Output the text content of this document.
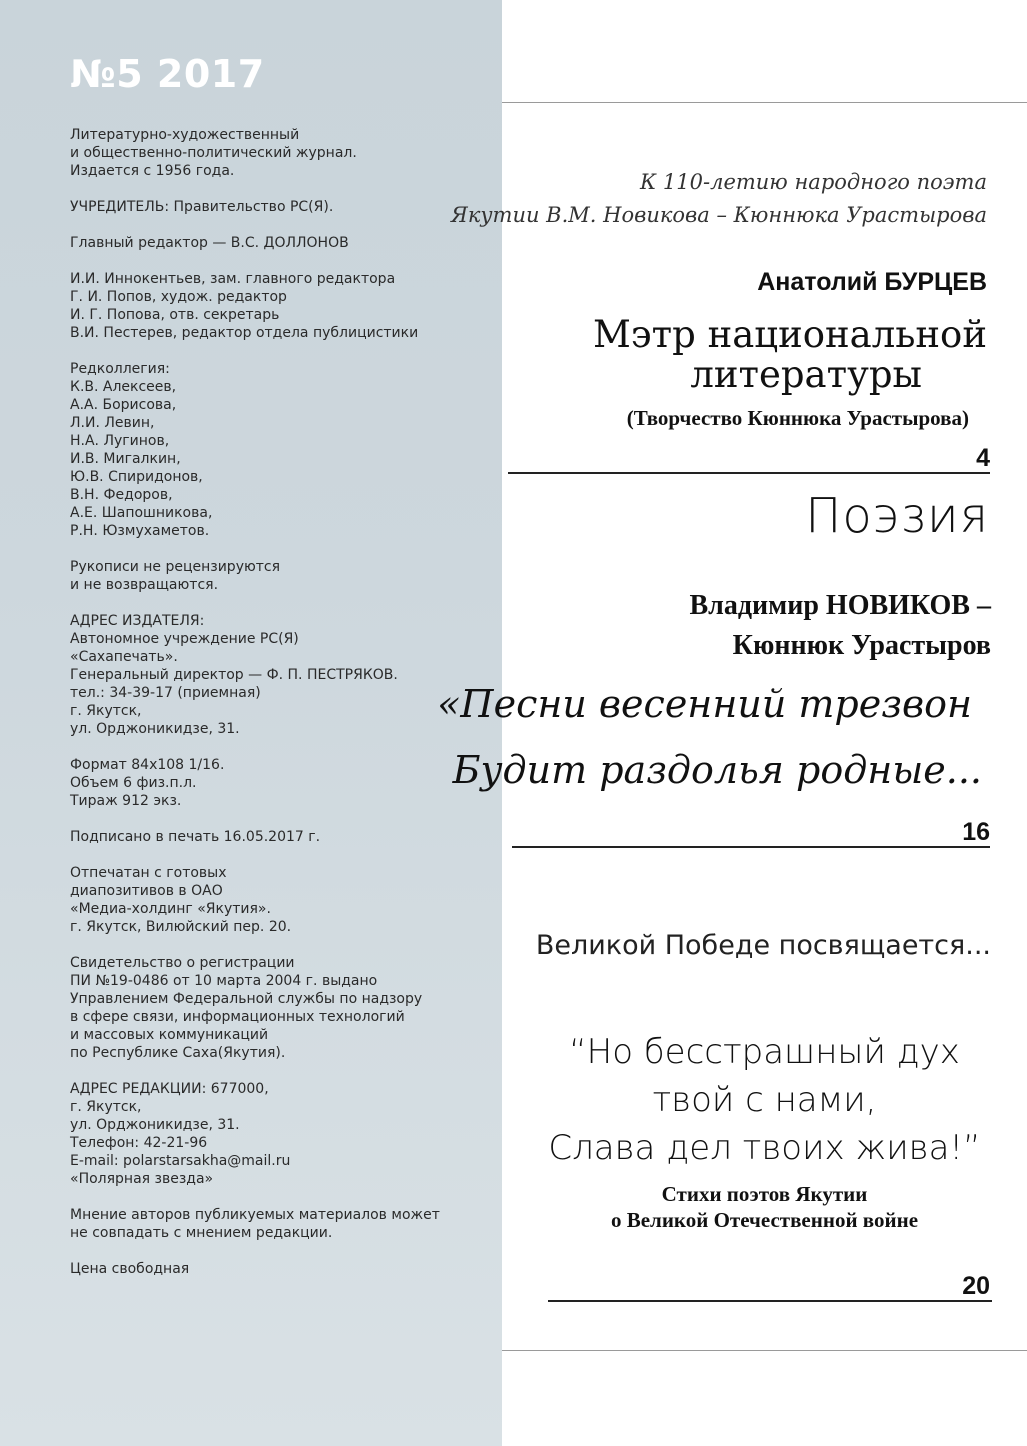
№5 2017
Литературно-художественный
и общественно-политический журнал.
Издается с 1956 года.
УЧРЕДИТЕЛЬ: Правительство РС(Я).
Главный редактор — В.С. ДОЛЛОНОВ
И.И. Иннокентьев, зам. главного редактора
Г. И. Попов, худож. редактор
И. Г. Попова, отв. секретарь
В.И. Пестерев, редактор отдела публицистики
Редколлегия:
К.В. Алексеев,
А.А. Борисова,
Л.И. Левин,
Н.А. Лугинов,
И.В. Мигалкин,
Ю.В. Спиридонов,
В.Н. Федоров,
А.Е. Шапошникова,
Р.Н. Юзмухаметов.
Рукописи не рецензируются
и не возвращаются.
АДРЕС ИЗДАТЕЛЯ:
Автономное учреждение РС(Я)
«Сахапечать».
Генеральный директор — Ф. П. ПЕСТРЯКОВ.
тел.: 34-39-17 (приемная)
г. Якутск,
ул. Орджоникидзе, 31.
Формат 84х108 1/16.
Объем 6 физ.п.л.
Тираж 912 экз.
Подписано в печать 16.05.2017 г.
Отпечатан с готовых
диапозитивов в ОАО
«Медиа-холдинг «Якутия».
г. Якутск, Вилюйский пер. 20.
Свидетельство о регистрации
ПИ №19-0486 от 10 марта 2004 г. выдано
Управлением Федеральной службы по надзору
в сфере связи, информационных технологий
и массовых коммуникаций
по Республике Саха(Якутия).
АДРЕС РЕДАКЦИИ: 677000,
г. Якутск,
ул. Орджоникидзе, 31.
Телефон: 42-21-96
E-mail: polarstarsakha@mail.ru
«Полярная звезда»
Мнение авторов публикуемых материалов может
не совпадать с мнением редакции.
Цена свободная
К 110-летию народного поэта
Якутии В.М. Новикова – Кюннюка Урастырова
Анатолий БУРЦЕВ
Мэтр национальной
литературы
(Творчество Кюннюка Урастырова)
4
Поэзия
Владимир НОВИКОВ –
Кюннюк Урастыров
«Песни весенний трезвон
Будит раздолья родные...
16
Великой Победе посвящается...
“Но бесстрашный дух
твой с нами,
Слава дел твоих жива!”
Стихи поэтов Якутии
о Великой Отечественной войне
20
